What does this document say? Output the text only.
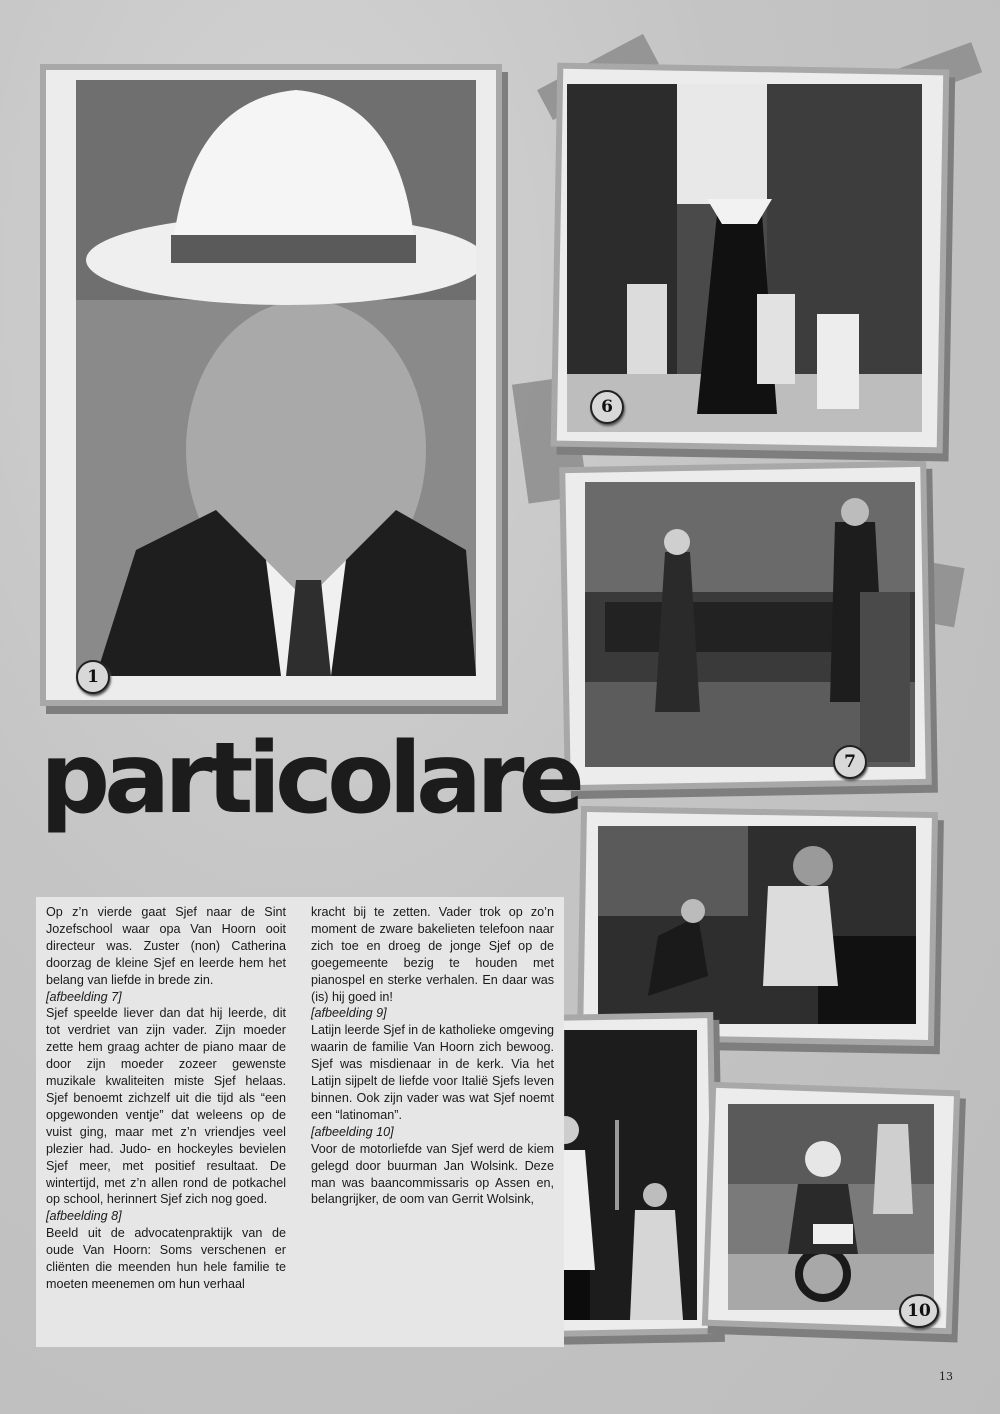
1
6
7
10
particolare

Op z’n vierde gaat Sjef naar de Sint Jozefschool waar opa Van Hoorn ooit directeur was. Zuster (non) Catherina doorzag de kleine Sjef en leerde hem het belang van liefde in brede zin.

[afbeelding 7]

Sjef speelde liever dan dat hij leerde, dit tot verdriet van zijn vader. Zijn moeder zette hem graag achter de piano maar de door zijn moeder zozeer gewenste muzikale kwaliteiten miste Sjef helaas. Sjef benoemt zichzelf uit die tijd als “een opgewonden ventje” dat weleens op de vuist ging, maar met z’n vriendjes veel plezier had. Judo- en hockeyles bevielen Sjef meer, met positief resultaat. De wintertijd, met z’n allen rond de potkachel op school, herinnert Sjef zich nog goed.

[afbeelding 8]

Beeld uit de advocatenpraktijk van de oude Van Hoorn: Soms verschenen er cliënten die meenden hun hele familie te moeten meenemen om hun verhaal

kracht bij te zetten. Vader trok op zo’n moment de zware bakelieten telefoon naar zich toe en droeg de jonge Sjef op de goegemeente bezig te houden met pianospel en sterke verhalen. En daar was (is) hij goed in!

[afbeelding 9]

Latijn leerde Sjef in de katholieke omgeving waarin de familie Van Hoorn zich bewoog. Sjef was misdienaar in de kerk. Via het Latijn sijpelt de liefde voor Italië Sjefs leven binnen. Ook zijn vader was wat Sjef noemt een “latinoman”.

[afbeelding 10]

Voor de motorliefde van Sjef werd de kiem gelegd door buurman Jan Wolsink. Deze man was baancommissaris op Assen en, belangrijker, de oom van Gerrit Wolsink,

13
